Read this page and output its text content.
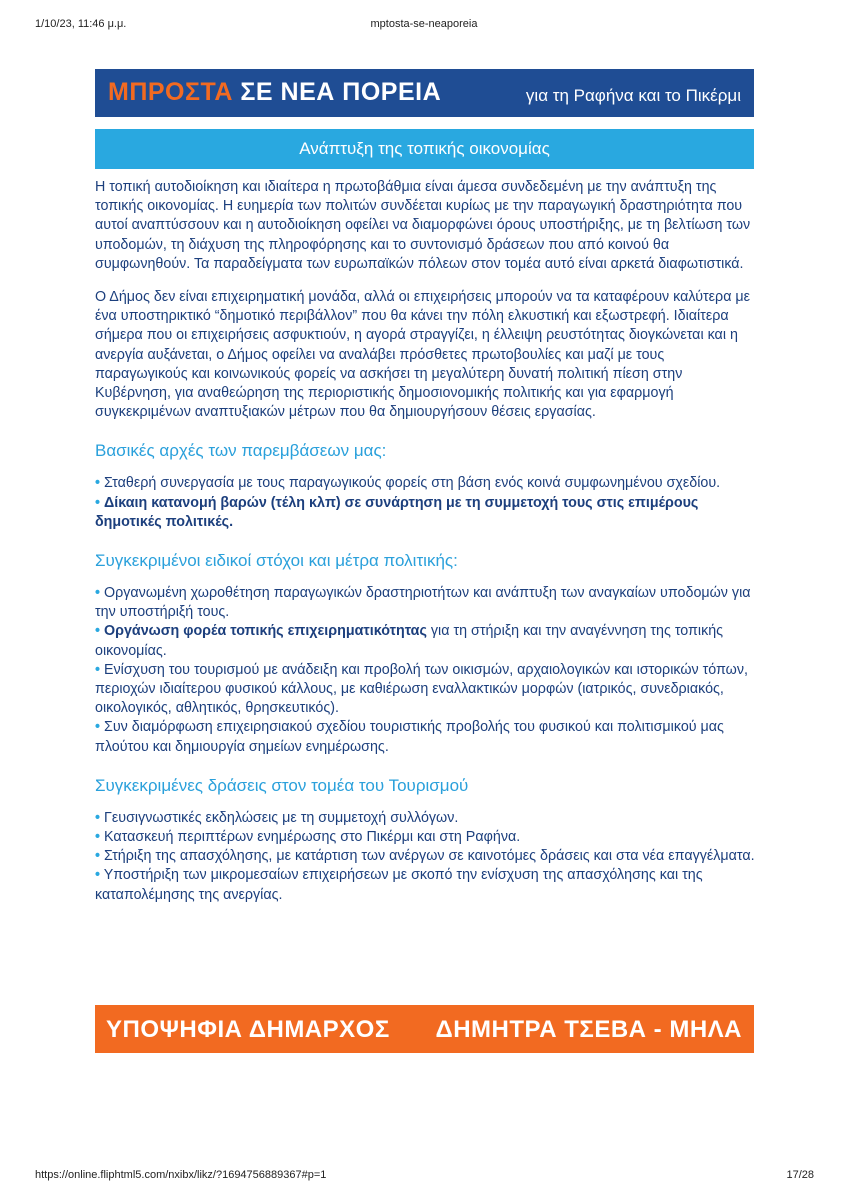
1/10/23, 11:46 μ.μ.	mptosta-se-neaporeia
ΜΠΡΟΣΤΑ ΣΕ ΝΕΑ ΠΟΡΕΙΑ	για τη Ραφήνα και το Πικέρμι
Ανάπτυξη της τοπικής οικονομίας

Η τοπική αυτοδιοίκηση και ιδιαίτερα η πρωτοβάθμια είναι άμεσα συνδεδεμένη με την ανάπτυξη της τοπικής οικονομίας. Η ευημερία των πολιτών συνδέεται κυρίως με την παραγωγική δραστηριότητα που αυτοί αναπτύσσουν και η αυτοδιοίκηση οφείλει να διαμορφώνει όρους υποστήριξης, με τη βελτίωση των υποδομών, τη διάχυση της πληροφόρησης και το συντονισμό δράσεων που από κοινού θα συμφωνηθούν. Τα παραδείγματα των ευρωπαϊκών πόλεων στον τομέα αυτό είναι αρκετά διαφωτιστικά.

Ο Δήμος δεν είναι επιχειρηματική μονάδα, αλλά οι επιχειρήσεις μπορούν να τα καταφέρουν καλύτερα με ένα υποστηρικτικό “δημοτικό περιβάλλον” που θα κάνει την πόλη ελκυστική και εξωστρεφή. Ιδιαίτερα σήμερα που οι επιχειρήσεις ασφυκτιούν, η αγορά στραγγίζει, η έλλειψη ρευστότητας διογκώνεται και η ανεργία αυξάνεται, ο Δήμος οφείλει να αναλάβει πρόσθετες πρωτοβουλίες και μαζί με τους παραγωγικούς και κοινωνικούς φορείς να ασκήσει τη μεγαλύτερη δυνατή πολιτική πίεση στην Κυβέρνηση, για αναθεώρηση της περιοριστικής δημοσιονομικής πολιτικής και για εφαρμογή συγκεκριμένων αναπτυξιακών μέτρων που θα δημιουργήσουν θέσεις εργασίας.

Βασικές αρχές των παρεμβάσεων μας:
• Σταθερή συνεργασία με τους παραγωγικούς φορείς στη βάση ενός κοινά συμφωνημένου σχεδίου.
• Δίκαιη κατανομή βαρών (τέλη κλπ) σε συνάρτηση με τη συμμετοχή τους στις επιμέρους δημοτικές πολιτικές.
Συγκεκριμένοι ειδικοί στόχοι και μέτρα πολιτικής:
• Οργανωμένη χωροθέτηση παραγωγικών δραστηριοτήτων και ανάπτυξη των αναγκαίων υποδομών για την υποστήριξή τους.
• Οργάνωση φορέα τοπικής επιχειρηματικότητας για τη στήριξη και την αναγέννηση της τοπικής οικονομίας.
• Ενίσχυση του τουρισμού με ανάδειξη και προβολή των οικισμών, αρχαιολογικών και ιστορικών τόπων, περιοχών ιδιαίτερου φυσικού κάλλους, με καθιέρωση εναλλακτικών μορφών (ιατρικός, συνεδριακός, οικολογικός, αθλητικός, θρησκευτικός).
• Συν διαμόρφωση επιχειρησιακού σχεδίου τουριστικής προβολής του φυσικού και πολιτισμικού μας πλούτου και δημιουργία σημείων ενημέρωσης.
Συγκεκριμένες δράσεις στον τομέα του Τουρισμού
• Γευσιγνωστικές εκδηλώσεις με τη συμμετοχή συλλόγων.
• Κατασκευή περιπτέρων ενημέρωσης στο Πικέρμι και στη Ραφήνα.
• Στήριξη της απασχόλησης, με κατάρτιση των ανέργων σε καινοτόμες δράσεις και στα νέα επαγγέλματα.
• Υποστήριξη των μικρομεσαίων επιχειρήσεων με σκοπό την ενίσχυση της απασχόλησης και της καταπολέμησης της ανεργίας.
ΥΠΟΨΗΦΙΑ ΔΗΜΑΡΧΟΣ ΔΗΜΗΤΡΑ ΤΣΕΒΑ - ΜΗΛΑ
https://online.fliphtml5.com/nxibx/likz/?1694756889367#p=1	17/28
